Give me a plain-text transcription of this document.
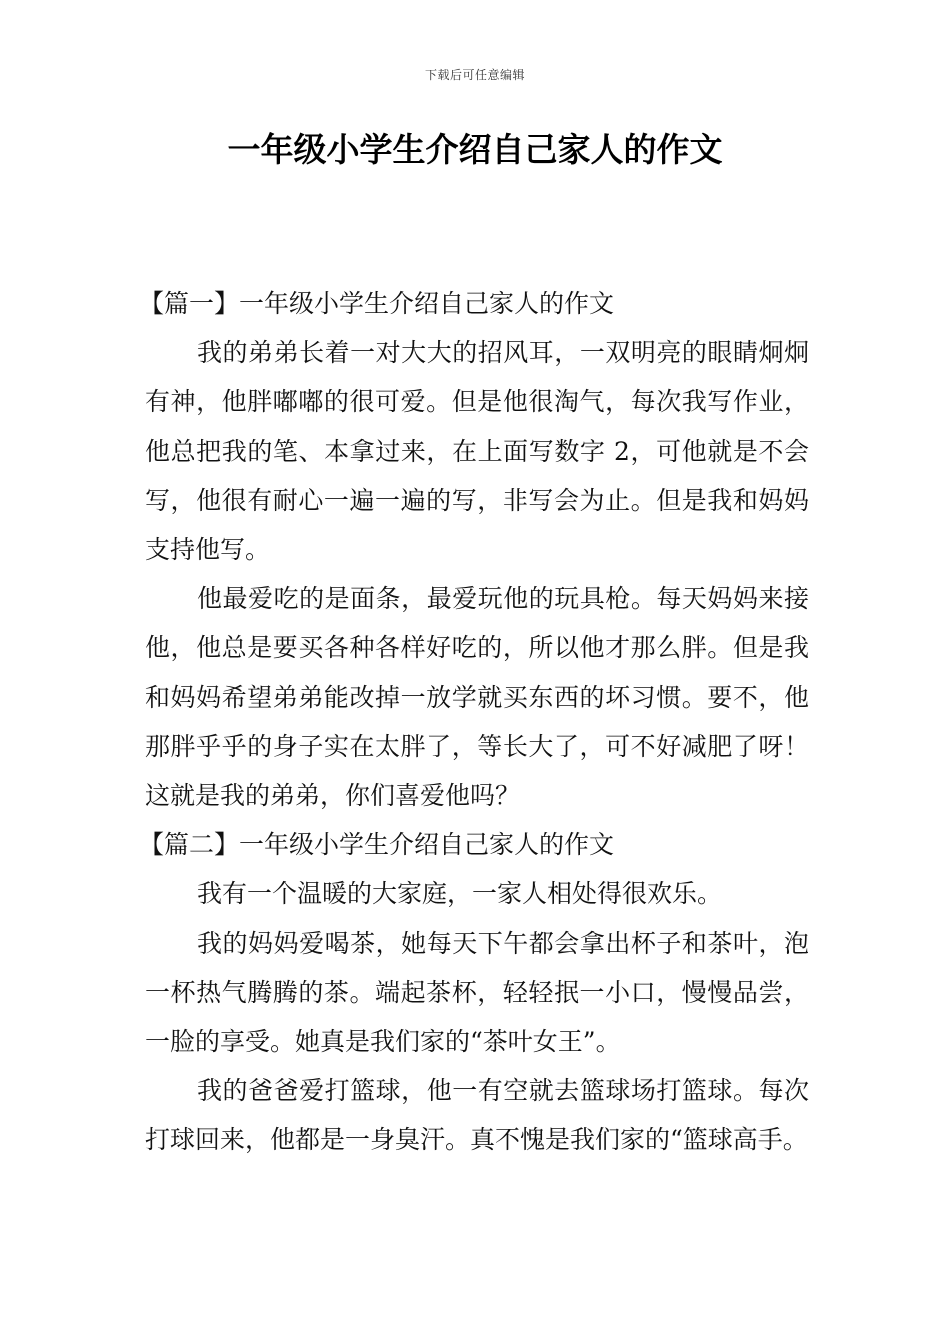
下载后可任意编辑
一年级小学生介绍自己家人的作文

【篇一】一年级小学生介绍自己家人的作文

我的弟弟长着一对大大的招风耳，一双明亮的眼睛炯炯有神，他胖嘟嘟的很可爱。但是他很淘气，每次我写作业，他总把我的笔、本拿过来，在上面写数字 2，可他就是不会写，他很有耐心一遍一遍的写，非写会为止。但是我和妈妈支持他写。

他最爱吃的是面条，最爱玩他的玩具枪。每天妈妈来接他，他总是要买各种各样好吃的，所以他才那么胖。但是我和妈妈希望弟弟能改掉一放学就买东西的坏习惯。要不，他那胖乎乎的身子实在太胖了，等长大了，可不好减肥了呀！这就是我的弟弟，你们喜爱他吗？

【篇二】一年级小学生介绍自己家人的作文

我有一个温暖的大家庭，一家人相处得很欢乐。

我的妈妈爱喝茶，她每天下午都会拿出杯子和茶叶，泡一杯热气腾腾的茶。端起茶杯，轻轻抿一小口，慢慢品尝，一脸的享受。她真是我们家的“茶叶女王”。

我的爸爸爱打篮球，他一有空就去篮球场打篮球。每次打球回来，他都是一身臭汗。真不愧是我们家的“篮球高手。
